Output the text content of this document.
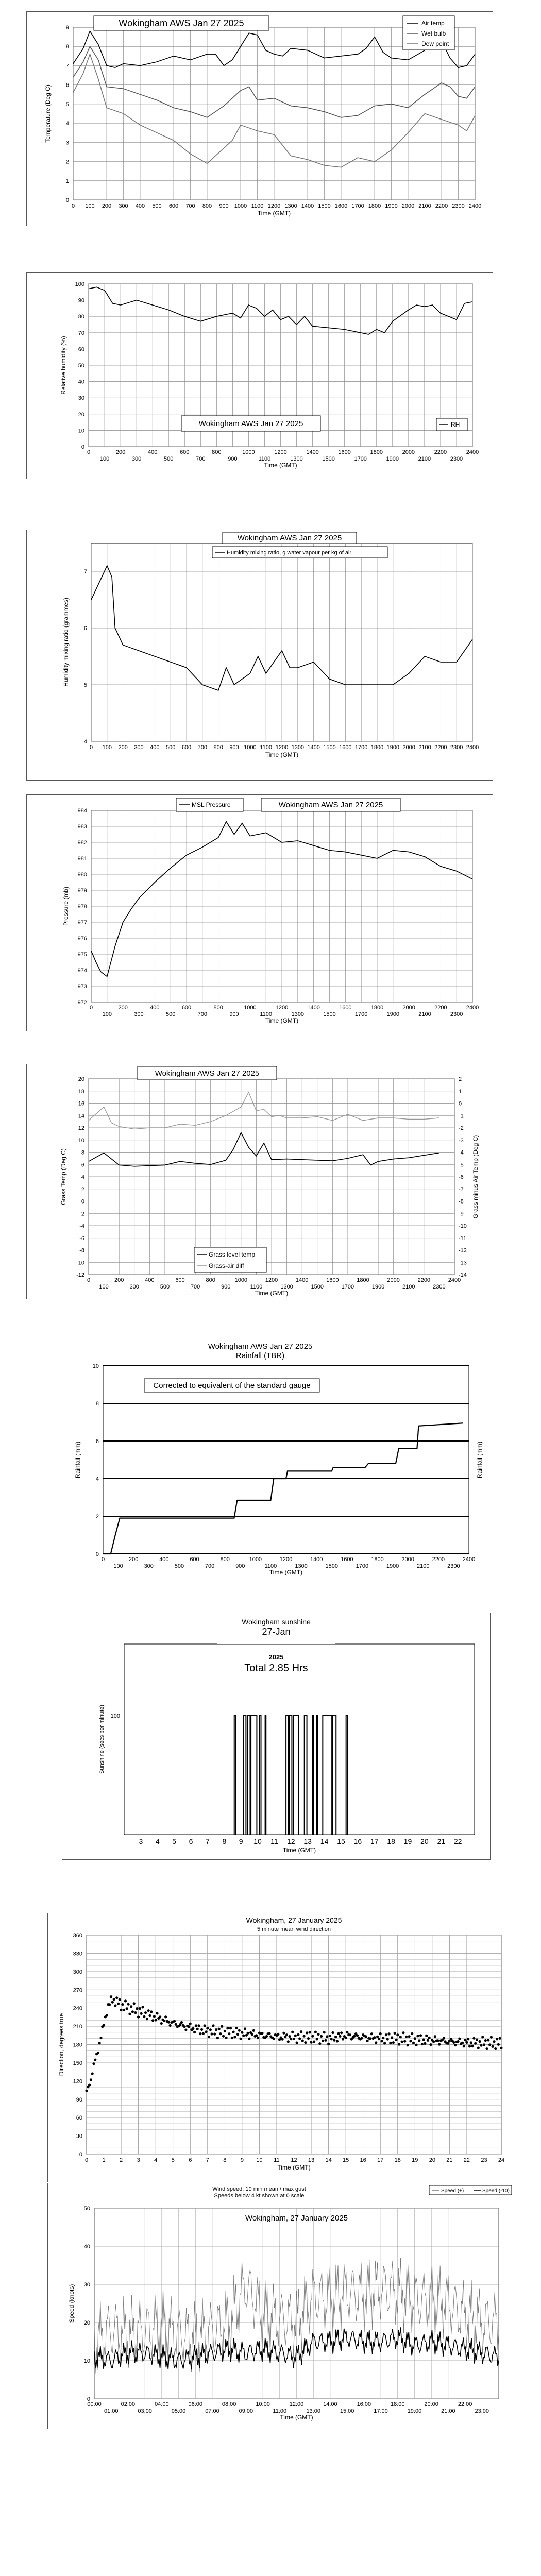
0
1
2
3
4
5
6
7
8
9
0 100 200 300 400 500 600 700 800 900 1000 1100 1200 1300 1400 1500 1600 1700 1800 1900 2000 2100 2200 2300 2400
Time (GMT)
Temperature (Deg C)
Wokingham AWS Jan 27 2025	Air temp
Wet bulb
Dew point
0
10
20
30
40
50
60
70
80
90
100
0	200	400	600	800	1000	1200	1400	1600	1800	2000	2200	2400
100	300	500	700	900	1100	1300	1500	1700	1900	2100	2300
Time (GMT)
Relative humidity (%)
Wokingham AWS Jan 27 2025	RH
4
5
6
7
0 100 200 300 400 500 600 700 800 900 1000 1100 1200 1300 1400 1500 1600 1700 1800 1900 2000 2100 2200 2300 2400
Time (GMT)
Humidity mixing ratio (grammes)
Wokingham AWS Jan 27 2025
Humidity mixing ratio, g water vapour per kg of air
972
973
974
975
976
977
978
979
980
981
982
983
984
0	200	400	600	800	1000	1200	1400	1600	1800	2000	2200	2400
100	300	500	700	900	1100	1300	1500	1700	1900	2100	2300
Time (GMT)
Pressure (mb)
MSL Pressure	Wokingham AWS Jan 27 2025
-12
-10
-8
-6
-4
-2
0
2
4
6
8
10
12
14
16
18
20
0	200	400	600	800	1000	1200	1400	1600	1800	2000	2200	2400
100	300	500	700	900	1100	1300	1500	1700	1900	2100	2300
Time (GMT)
Grass Temp (Deg C)
-14
-13
-12
-11
-10
-9
-8
-7
-6
-5
-4
-3
-2
-1
0
1
2
Grass minus Air Temp (Deg C)
Wokingham AWS Jan 27 2025
Grass level temp
Grass-air diff
0
2
4
6
8
10
0	200	400	600	800	1000	1200	1400	1600	1800	2000	2200	2400
100	300	500	700	900	1100	1300	1500	1700	1900	2100	2300
Time (GMT)
Rainfall (mm)	Rainfall (mm)
Wokingham AWS Jan 27 2025
Rainfall (TBR)
Corrected to equivalent of the standard gauge
3 4 5 6 7 8 9 10 11 12 13 14 15 16 17 18 19 20 21 22
Time (GMT)
100
Sunshine (secs per minute)
Wokingham sunshine
27-Jan
2025
Total 2.85 Hrs
0
30
60
90
120
150
180
210
240
270
300
330
360
0 1 2 3 4 5 6 7 8 9 10 11 12 13 14 15 16 17 18 19 20 21 22 23 24
Time (GMT)
Direction, degrees true
Wokingham, 27 January 2025
5 minute mean wind direction
0
10
20
30
40
50
00:00	02:00	04:00	06:00	08:00	10:00	12:00	14:00	16:00	18:00	20:00	22:00
01:00	03:00	05:00	07:00	09:00	11:00	13:00	15:00	17:00	19:00	21:00	23:00
Time (GMT)
Speed (knots)
Wind speed, 10 min mean / max gust
Speeds below 4 kt shown at 0 scale
Wokingham, 27 January 2025
Speed (+)	Speed (-10)
